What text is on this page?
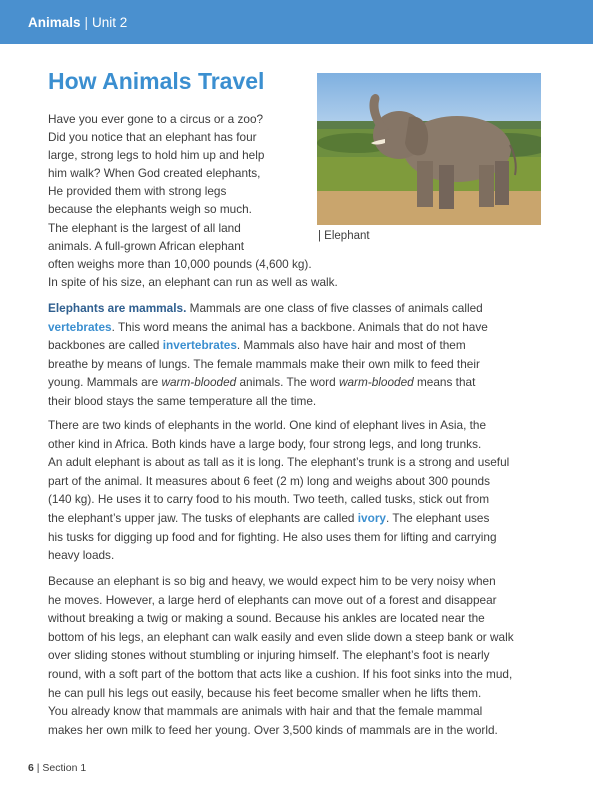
Animals | Unit 2
How Animals Travel
| Elephant

Have you ever gone to a circus or a zoo?
Did you notice that an elephant has four
large, strong legs to hold him up and help
him walk? When God created elephants,
He provided them with strong legs
because the elephants weigh so much.
The elephant is the largest of all land
animals. A full-grown African elephant
often weighs more than 10,000 pounds (4,600 kg).
In spite of his size, an elephant can run as well as walk.

Elephants are mammals. Mammals are one class of five classes of animals called
vertebrates. This word means the animal has a backbone. Animals that do not have
backbones are called invertebrates. Mammals also have hair and most of them
breathe by means of lungs. The female mammals make their own milk to feed their
young. Mammals are warm-blooded animals. The word warm-blooded means that
their blood stays the same temperature all the time.

There are two kinds of elephants in the world. One kind of elephant lives in Asia, the
other kind in Africa. Both kinds have a large body, four strong legs, and long trunks.
An adult elephant is about as tall as it is long. The elephant’s trunk is a strong and useful
part of the animal. It measures about 6 feet (2 m) long and weighs about 300 pounds
(140 kg). He uses it to carry food to his mouth. Two teeth, called tusks, stick out from
the elephant’s upper jaw. The tusks of elephants are called ivory. The elephant uses
his tusks for digging up food and for fighting. He also uses them for lifting and carrying
heavy loads.

Because an elephant is so big and heavy, we would expect him to be very noisy when
he moves. However, a large herd of elephants can move out of a forest and disappear
without breaking a twig or making a sound. Because his ankles are located near the
bottom of his legs, an elephant can walk easily and even slide down a steep bank or walk
over sliding stones without stumbling or injuring himself. The elephant’s foot is nearly
round, with a soft part of the bottom that acts like a cushion. If his foot sinks into the mud,
he can pull his legs out easily, because his feet become smaller when he lifts them.
You already know that mammals are animals with hair and that the female mammal
makes her own milk to feed her young. Over 3,500 kinds of mammals are in the world.

6 | Section 1
